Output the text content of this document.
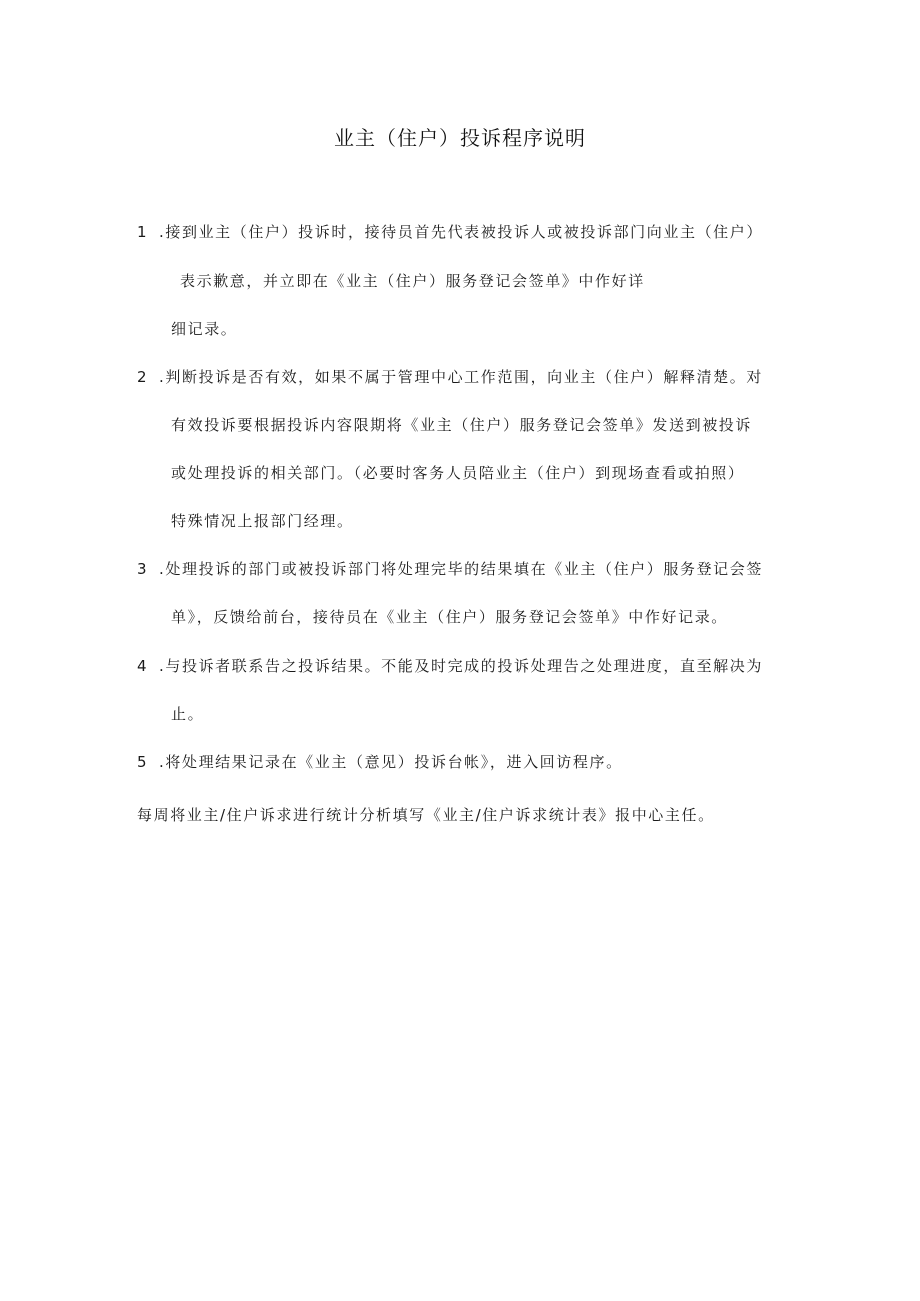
业主（住户）投诉程序说明
1 .接到业主（住户）投诉时，接待员首先代表被投诉人或被投诉部门向业主（住户）
表示歉意，并立即在《业主（住户）服务登记会签单》中作好详
细记录。
2 .判断投诉是否有效，如果不属于管理中心工作范围，向业主（住户）解释清楚。对
有效投诉要根据投诉内容限期将《业主（住户）服务登记会签单》发送到被投诉
或处理投诉的相关部门。（必要时客务人员陪业主（住户）到现场查看或拍照）
特殊情况上报部门经理。
3 .处理投诉的部门或被投诉部门将处理完毕的结果填在《业主（住户）服务登记会签
单》，反馈给前台，接待员在《业主（住户）服务登记会签单》中作好记录。
4 .与投诉者联系告之投诉结果。不能及时完成的投诉处理告之处理进度，直至解决为
止。
5 .将处理结果记录在《业主（意见）投诉台帐》，进入回访程序。
每周将业主/住户诉求进行统计分析填写《业主/住户诉求统计表》报中心主任。
